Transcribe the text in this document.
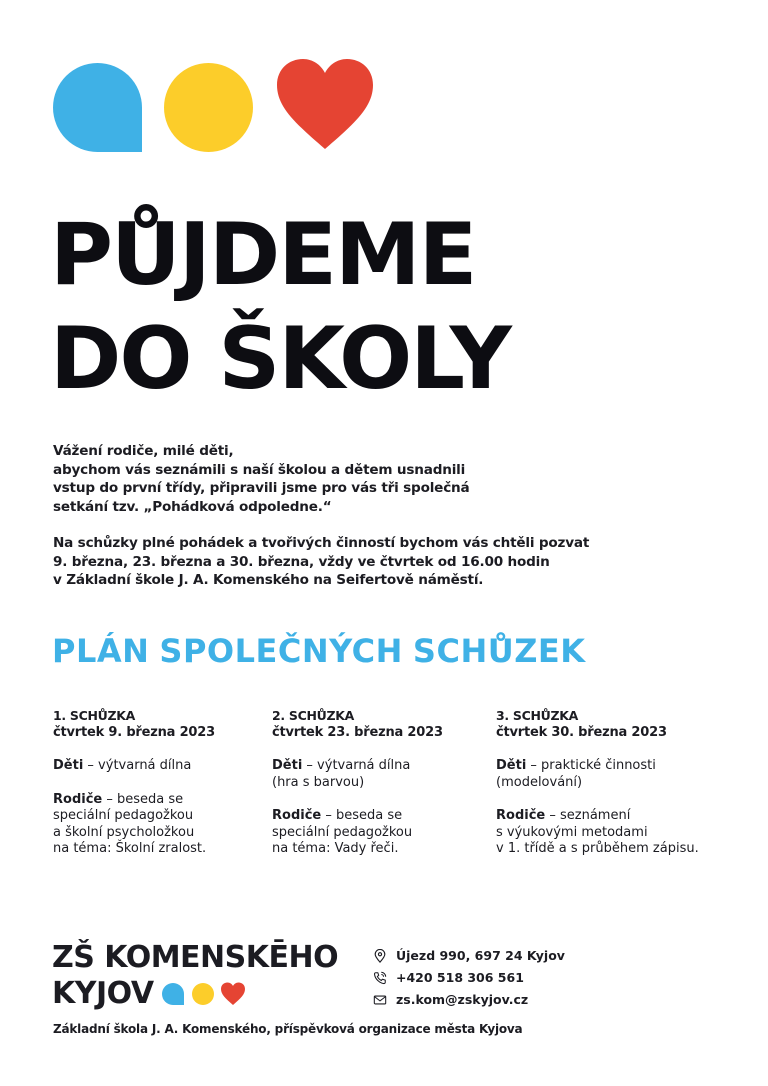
PŮJDEME
DO ŠKOLY

Vážení rodiče, milé děti,
abychom vás seznámili s naší školou a dětem usnadnili
vstup do první třídy, připravili jsme pro vás tři společná
setkání tzv. „Pohádková odpoledne.“

Na schůzky plné pohádek a tvořivých činností bychom vás chtěli pozvat
9. března, 23. března a 30. března, vždy ve čtvrtek od 16.00 hodin
v Základní škole J. A. Komenského na Seifertově náměstí.

PLÁN SPOLEČNÝCH SCHŮZEK
1. SCHŮZKA
čtvrtek 9. března 2023
Děti – výtvarná dílna
Rodiče – beseda se
speciální pedagožkou
a školní psycholožkou
na téma: Školní zralost.
2. SCHŮZKA
čtvrtek 23. března 2023
Děti – výtvarná dílna
(hra s barvou)
Rodiče – beseda se
speciální pedagožkou
na téma: Vady řeči.
3. SCHŮZKA
čtvrtek 30. března 2023
Děti – praktické činnosti
(modelování)
Rodiče – seznámení
s výukovými metodami
v 1. třídě a s průběhem zápisu.
ZŠ KOMENSKĒHO
KYJOV
Újezd 990, 697 24 Kyjov
+420 518 306 561
zs.kom@zskyjov.cz
Základní škola J. A. Komenského, příspěvková organizace města Kyjova
